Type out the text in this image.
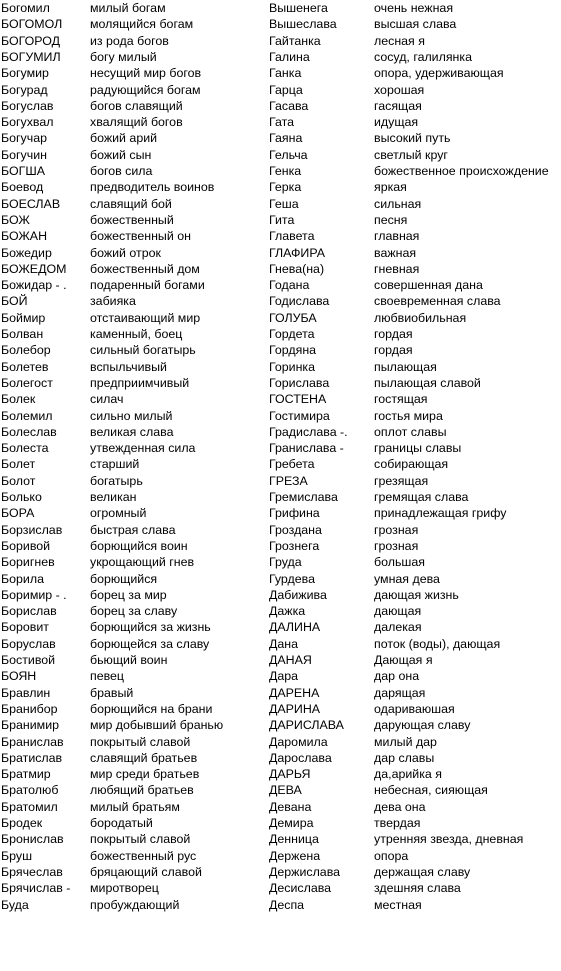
Богомил	милый богам	Вышенега	очень нежная
БОГОМОЛ молящийся богам	Вышеслава	высшая слава
БОГОРОД из рода богов	Гайтанка	лесная я
БОГУМИЛ богу милый	Галина	сосуд, галилянка
Богумир	несущий мир богов	Ганка	опора, удерживающая
Богурад	радующийся богам	Гарца	хорошая
Богуслав	богов славящий	Гасава	гасящая
Богухвал	хвалящий богов	Гата	идущая
Богучар	божий арий	Гаяна	высокий путь
Богучин	божий сын	Гельча	светлый круг
БОГША	богов сила	Генка	божественное происхождение
Боевод	предводитель воинов	Герка	яркая
БОЕСЛАВ славящий бой	Геша	сильная
БОЖ	божественный	Гита	песня
БОЖАН	божественный он	Главета	главная
Божедир	божий отрок	ГЛАФИРА	важная
БОЖЕДОМ божественный дом	Гнева(на)	гневная
Божидар - . подаренный богами	Годана	совершенная дана
БОЙ	забияка	Годислава	своевременная слава
Боймир	отстаивающий мир	ГОЛУБА	любвиобильная
Болван	каменный, боец	Гордета	гордая
Болебор	сильный богатырь	Гордяна	гордая
Болетев	вспыльчивый	Горинка	пылающая
Болегост	предприимчивый	Горислава	пылающая славой
Болек	силач	ГОСТЕНА	гостящая
Болемил	сильно милый	Гостимира	гостья мира
Болеслав	великая слава	Градислава -. оплот славы
Болеста	утвежденная сила	Гранислава - границы славы
Болет	старший	Гребета	собирающая
Болот	богатырь	ГРЕЗА	грезящая
Болько	великан	Гремислава	гремящая слава
БОРА	огромный	Грифина	принадлежащая грифу
Борзислав быстрая слава	Гроздана	грозная
Боривой	борющийся воин	Грознега	грозная
Боригнев	укрощающий гнев	Груда	большая
Борила	борющийся	Гурдева	умная дева
Боримир - . борец за мир	Дабижива	дающая жизнь
Борислав	борец за славу	Дажка	дающая
Боровит	борющийся за жизнь	ДАЛИНА	далекая
Боруслав	борющейся за славу	Дана	поток (воды), дающая
Бостивой	бьющий воин	ДАНАЯ	Дающая я
БОЯН	певец	Дара	дар она
Бравлин	бравый	ДАРЕНА	дарящая
Бранибор	борющийся на брани	ДАРИНА	одариваюшая
Бранимир мир добывший бранью	ДАРИСЛАВА дарующая славу
Бранислав покрытый славой	Даромила	милый дар
Братислав славящий братьев	Дарослава	дар славы
Братмир	мир среди братьев	ДАРЬЯ	да,арийка я
Братолюб	любящий братьев	ДЕВА	небесная, сияющая
Братомил	милый братьям	Девана	дева она
Бродек	бородатый	Демира	твердая
Бронислав покрытый славой	Денница	утренняя звезда, дневная
Бруш	божественный рус	Держена	опора
Брячеслав бряцающий славой	Держислава	держащая славу
Брячислав - миротворец	Десислава	здешняя слава
Буда	пробуждающий	Деспа	местная
